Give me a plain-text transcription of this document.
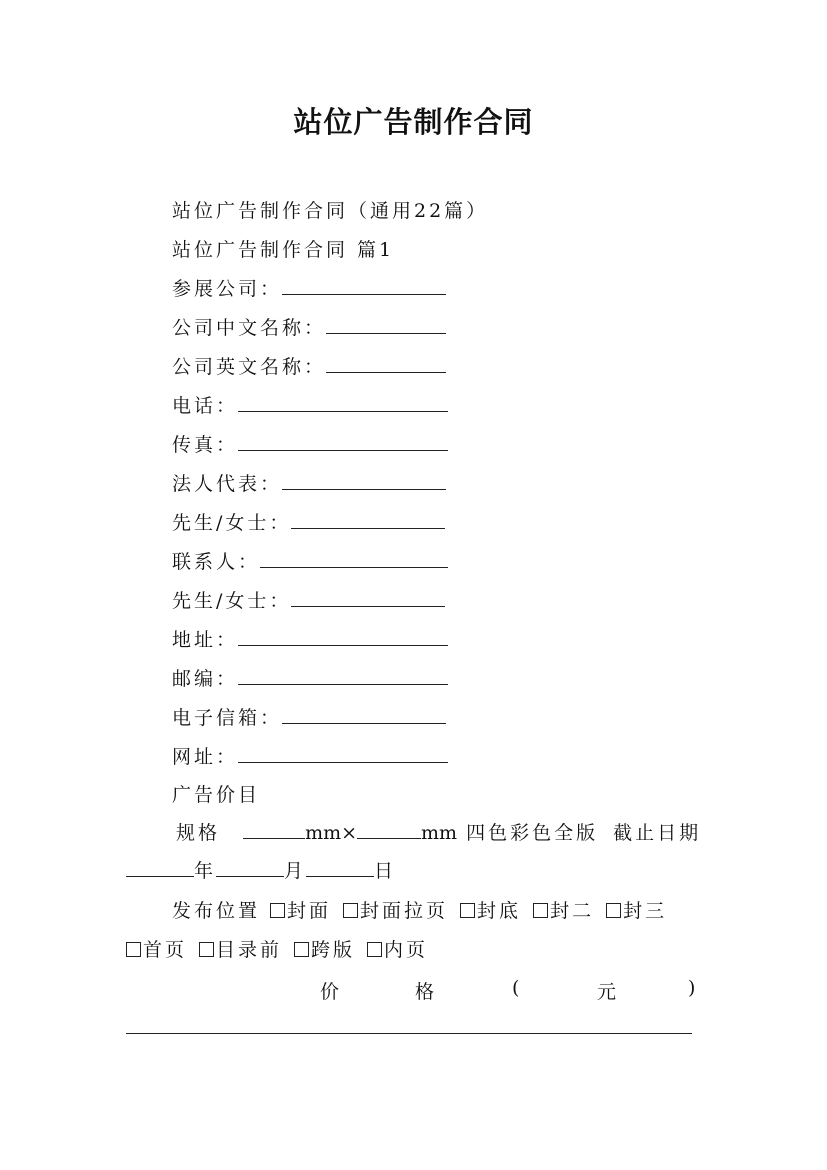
站位广告制作合同
站位广告制作合同（通用22篇）
站位广告制作合同 篇1
参展公司：
公司中文名称：
公司英文名称：
电话：
传真：
法人代表：
先生/女士：
联系人：
先生/女士：
地址：
邮编：
电子信箱：
网址：
广告价目
规格	mm×	mm 四色彩色全版 截止日期
年	月	日
发布位置 封面 封面拉页 封底 封二 封三
首页 目录前 跨版 内页
价	格	(	元	)
